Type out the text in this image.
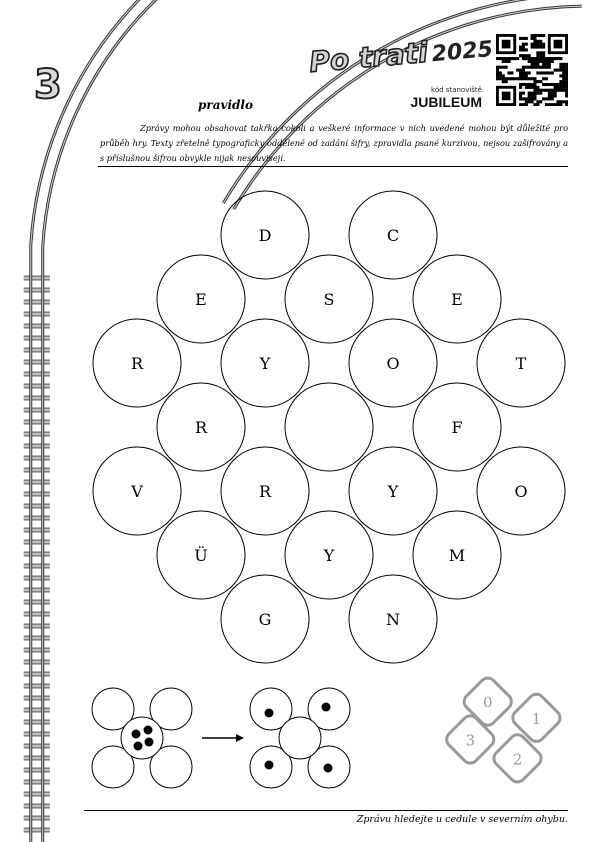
3
Po trati2025
kód stanoviště
JUBILEUM
pravidlo
Zprávy mohou obsahovat takřka cokoli a veškeré informace v nich uvedené mohou být důležité pro průběh hry. Texty zřetelně typograficky oddělené od zadání šifry, zpravidla psané kurzivou, nejsou zašifrovány a s příslušnou šifrou obvykle nijak nesouvisejí.
D	C
E	S	E
R	Y	O	T
R	F
V	R	Y	O
Ü	Y	M
G	N
0
1
2
3
Zprávu hledejte u cedule v severním ohybu.
